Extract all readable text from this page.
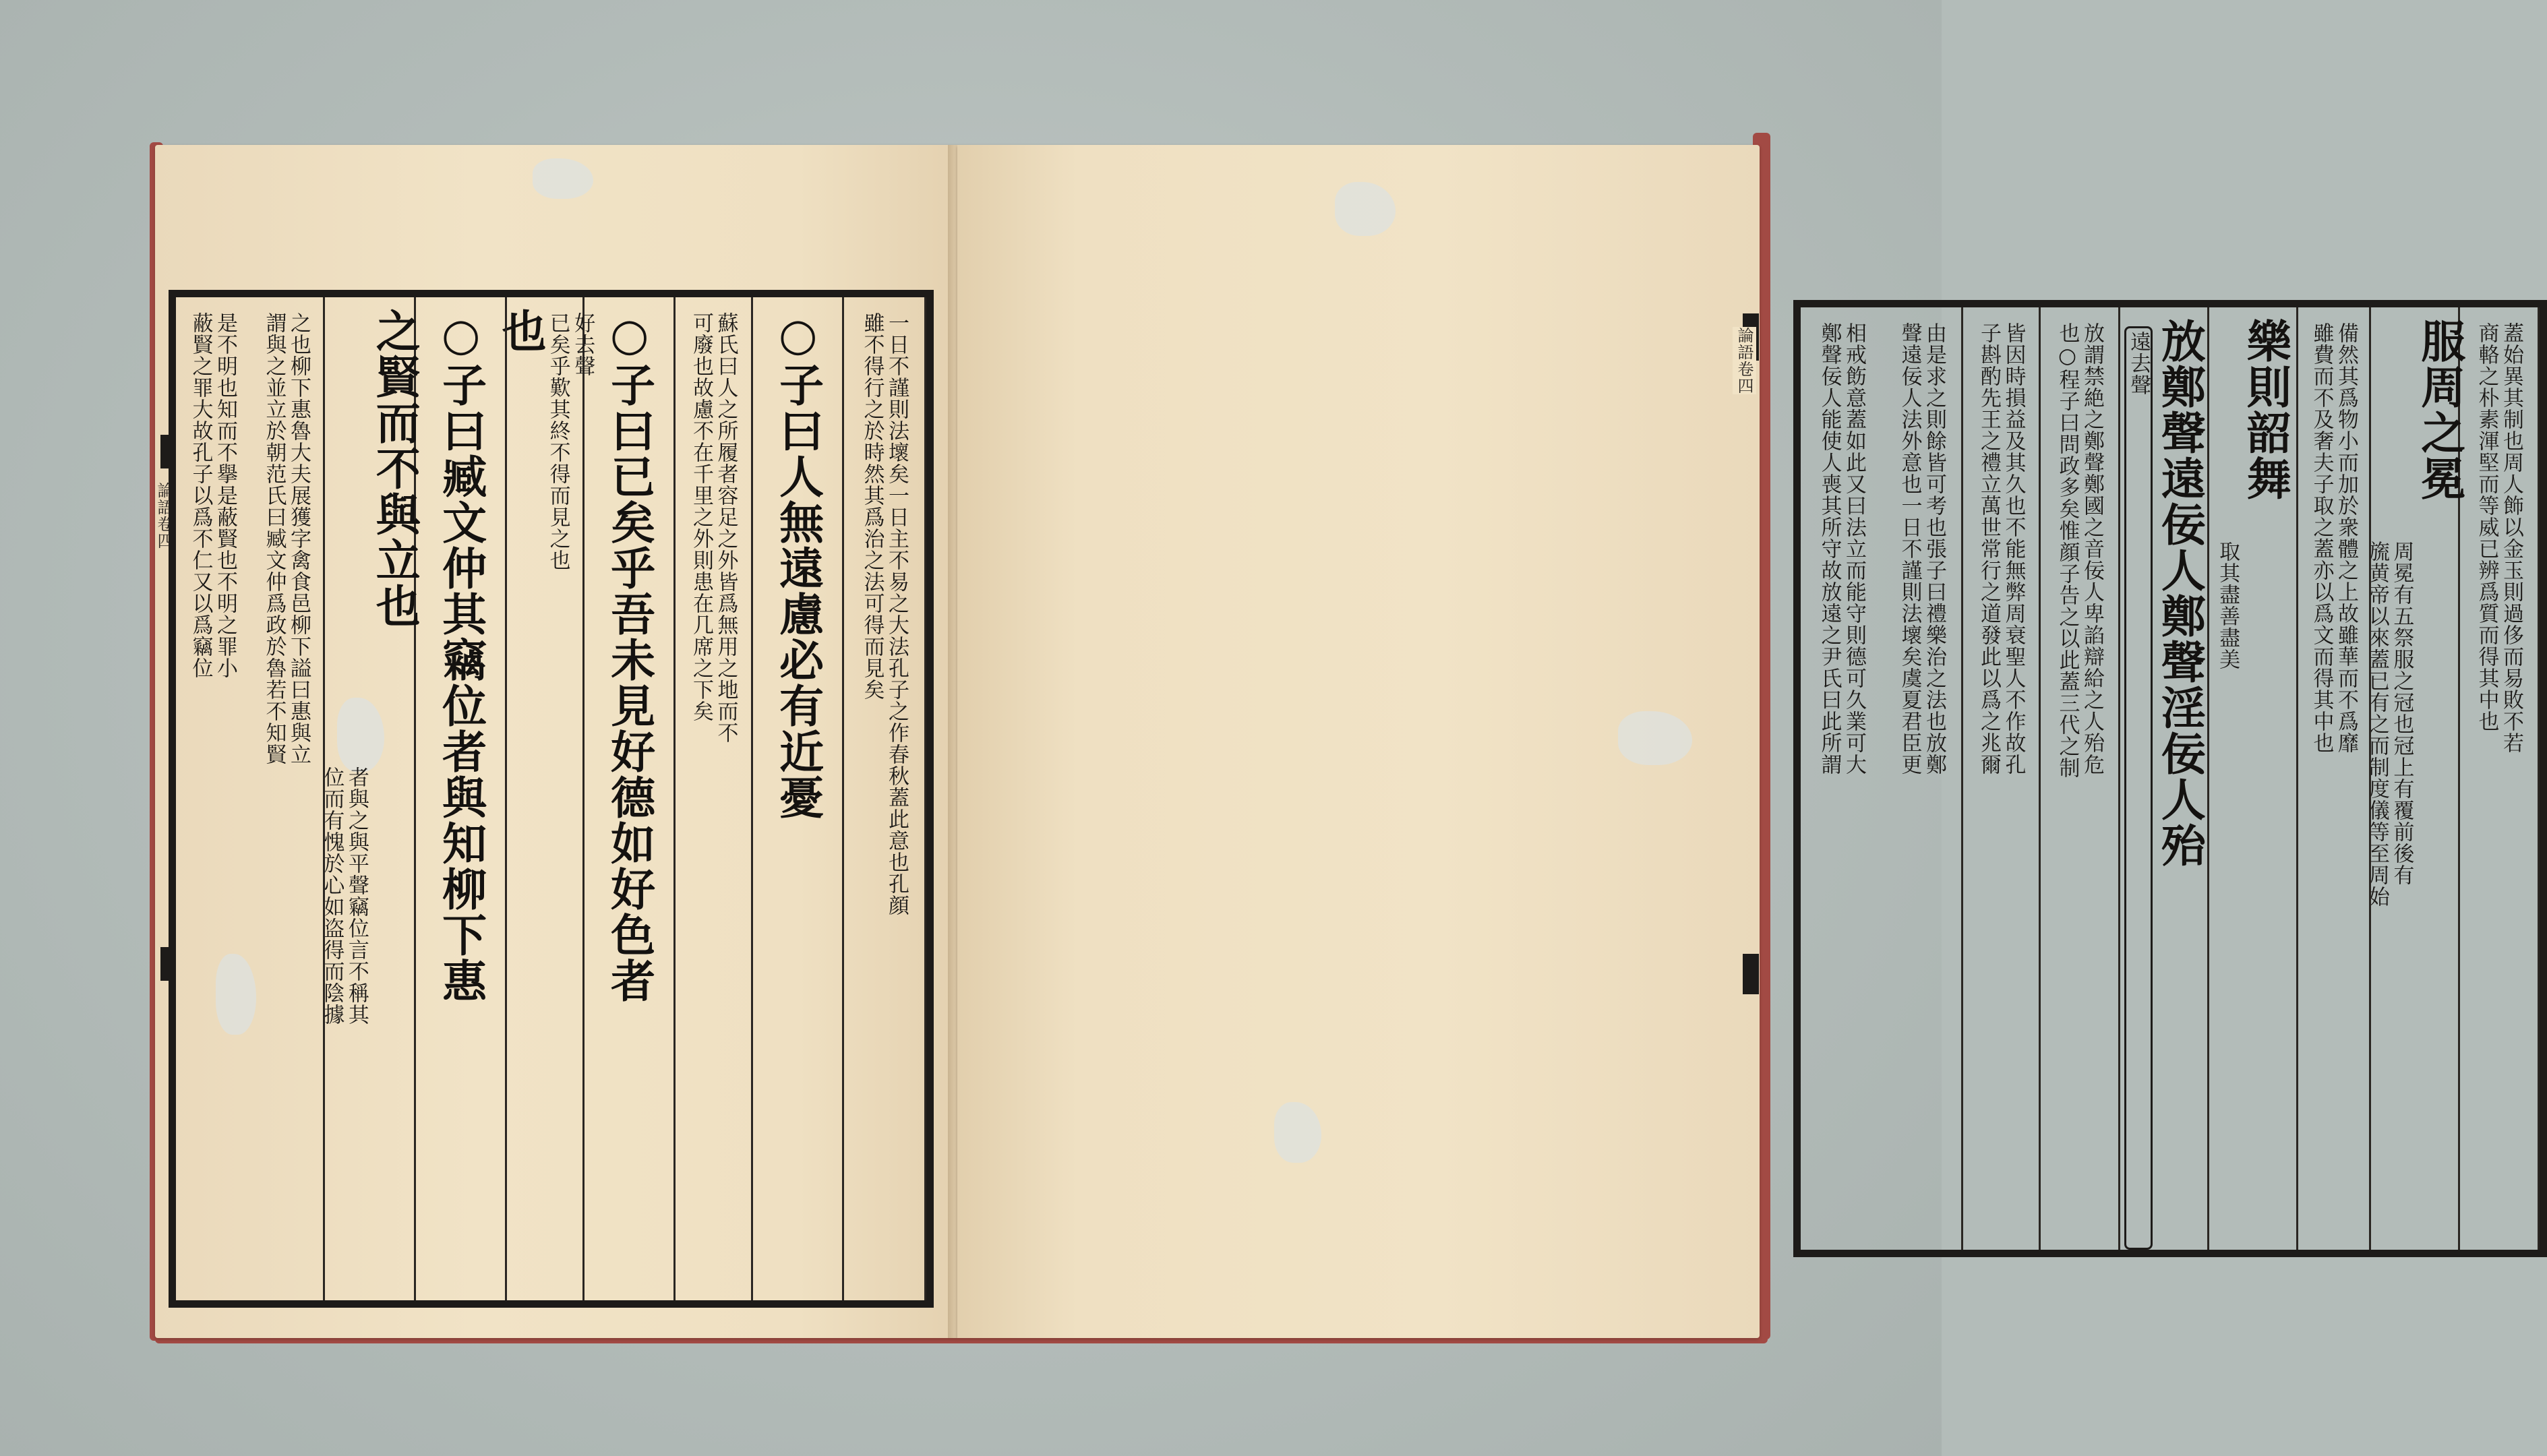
論語卷四	一日不謹則法壞矣一日主不易之大法孔子之作春秋蓋此意也孔顔
雖不得行之於時然其爲治之法可得而見矣
○子曰人無遠慮必有近憂
蘇氏曰人之所履者容足之外皆爲無用之地而不
可廢也故慮不在千里之外則患在几席之下矣
○子曰已矣乎吾未見好德如好色者
好去聲
已矣乎歎其終不得而見之也
也
○子曰臧文仲其竊位者與知柳下惠
之賢而不與立也
者與之與平聲竊位言不稱其
位而有愧於心如盗得而陰據
之也柳下惠魯大夫展獲字禽食邑柳下謚曰惠與立
謂與之並立於朝范氏曰臧文仲爲政於魯若不知賢
是不明也知而不擧是蔽賢也不明之罪小
蔽賢之罪大故孔子以爲不仁又以爲竊位	蓋始異其制也周人飾以金玉則過侈而易敗不若
商輅之朴素渾堅而等威已辨爲質而得其中也
服周之冕
周冕有五祭服之冠也冠上有覆前後有
旒黄帝以來蓋已有之而制度儀等至周始
備然其爲物小而加於衆體之上故雖華而不爲靡
雖費而不及奢夫子取之蓋亦以爲文而得其中也
樂則韶舞
取其盡善盡美
放鄭聲遠佞人鄭聲淫佞人殆
遠去聲
放謂禁絶之鄭聲鄭國之音佞人卑諂辯給之人殆危
也○程子曰問政多矣惟顔子告之以此蓋三代之制
皆因時損益及其久也不能無弊周衰聖人不作故孔
子斟酌先王之禮立萬世常行之道發此以爲之兆爾
由是求之則餘皆可考也張子曰禮樂治之法也放鄭
聲遠佞人法外意也一日不謹則法壞矣虞夏君臣更
相戒飭意蓋如此又曰法立而能守則德可久業可大
鄭聲佞人能使人喪其所守故放遠之尹氏曰此所謂
論語卷四
